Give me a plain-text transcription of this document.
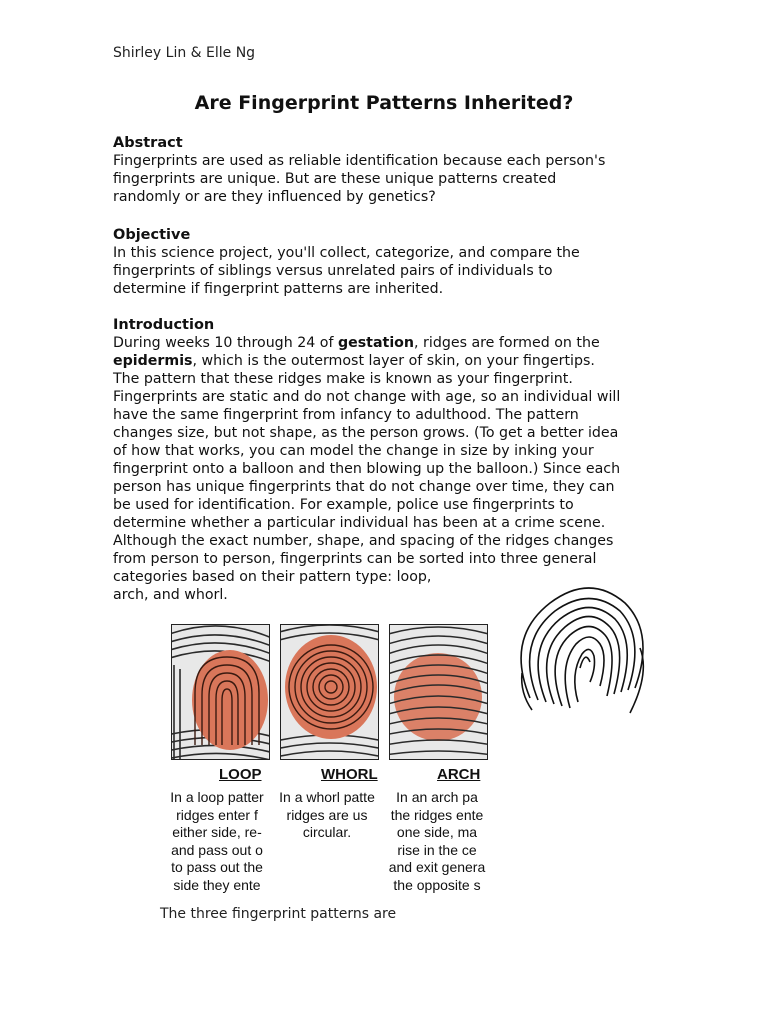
Shirley Lin & Elle Ng
Are Fingerprint Patterns Inherited?
Abstract

Fingerprints are used as reliable identification because each person's

fingerprints are unique. But are these unique patterns created

randomly or are they influenced by genetics?

Objective

In this science project, you'll collect, categorize, and compare the

fingerprints of siblings versus unrelated pairs of individuals to

determine if fingerprint patterns are inherited.

Introduction

During weeks 10 through 24 of gestation, ridges are formed on the

epidermis, which is the outermost layer of skin, on your fingertips.

The pattern that these ridges make is known as your fingerprint.

Fingerprints are static and do not change with age, so an individual will

have the same fingerprint from infancy to adulthood. The pattern

changes size, but not shape, as the person grows. (To get a better idea

of how that works, you can model the change in size by inking your

fingerprint onto a balloon and then blowing up the balloon.) Since each

person has unique fingerprints that do not change over time, they can

be used for identification. For example, police use fingerprints to

determine whether a particular individual has been at a crime scene.

Although the exact number, shape, and spacing of the ridges changes

from person to person, fingerprints can be sorted into three general

categories based on their pattern type: loop,

arch, and whorl.

LOOP	WHORL	ARCH
In a loop patter
ridges enter f
either side, re-
and pass out o
to pass out the
side they ente
In a whorl patte
ridges are us
circular.
In an arch pa
the ridges ente
one side, ma
rise in the ce
and exit genera
the opposite s
The three fingerprint patterns are
